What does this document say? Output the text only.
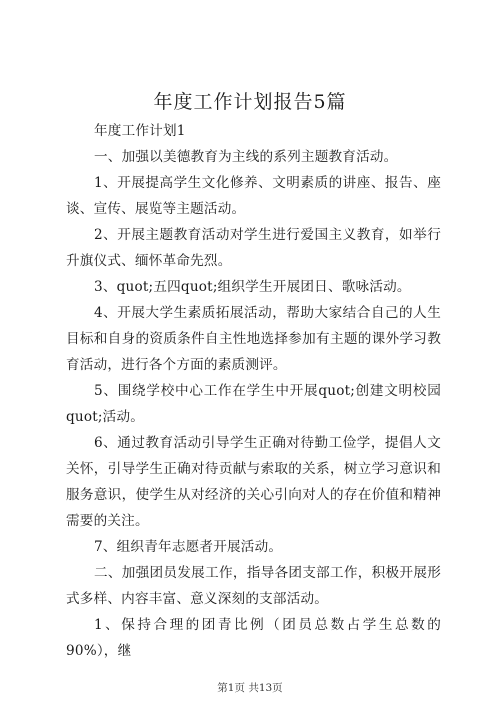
年度工作计划报告5篇

年度工作计划1

一、加强以美德教育为主线的系列主题教育活动。

1、开展提高学生文化修养、文明素质的讲座、报告、座谈、宣传、展览等主题活动。

2、开展主题教育活动对学生进行爱国主义教育，如举行升旗仪式、缅怀革命先烈。

3、quot;五四quot;组织学生开展团日、歌咏活动。

4、开展大学生素质拓展活动，帮助大家结合自己的人生目标和自身的资质条件自主性地选择参加有主题的课外学习教育活动，进行各个方面的素质测评。

5、围绕学校中心工作在学生中开展quot;创建文明校园quot;活动。

6、通过教育活动引导学生正确对待勤工俭学，提倡人文关怀，引导学生正确对待贡献与索取的关系，树立学习意识和服务意识，使学生从对经济的关心引向对人的存在价值和精神需要的关注。

7、组织青年志愿者开展活动。

二、加强团员发展工作，指导各团支部工作，积极开展形式多样、内容丰富、意义深刻的支部活动。

1、保持合理的团青比例（团员总数占学生总数的90%），继

第1页 共13页
